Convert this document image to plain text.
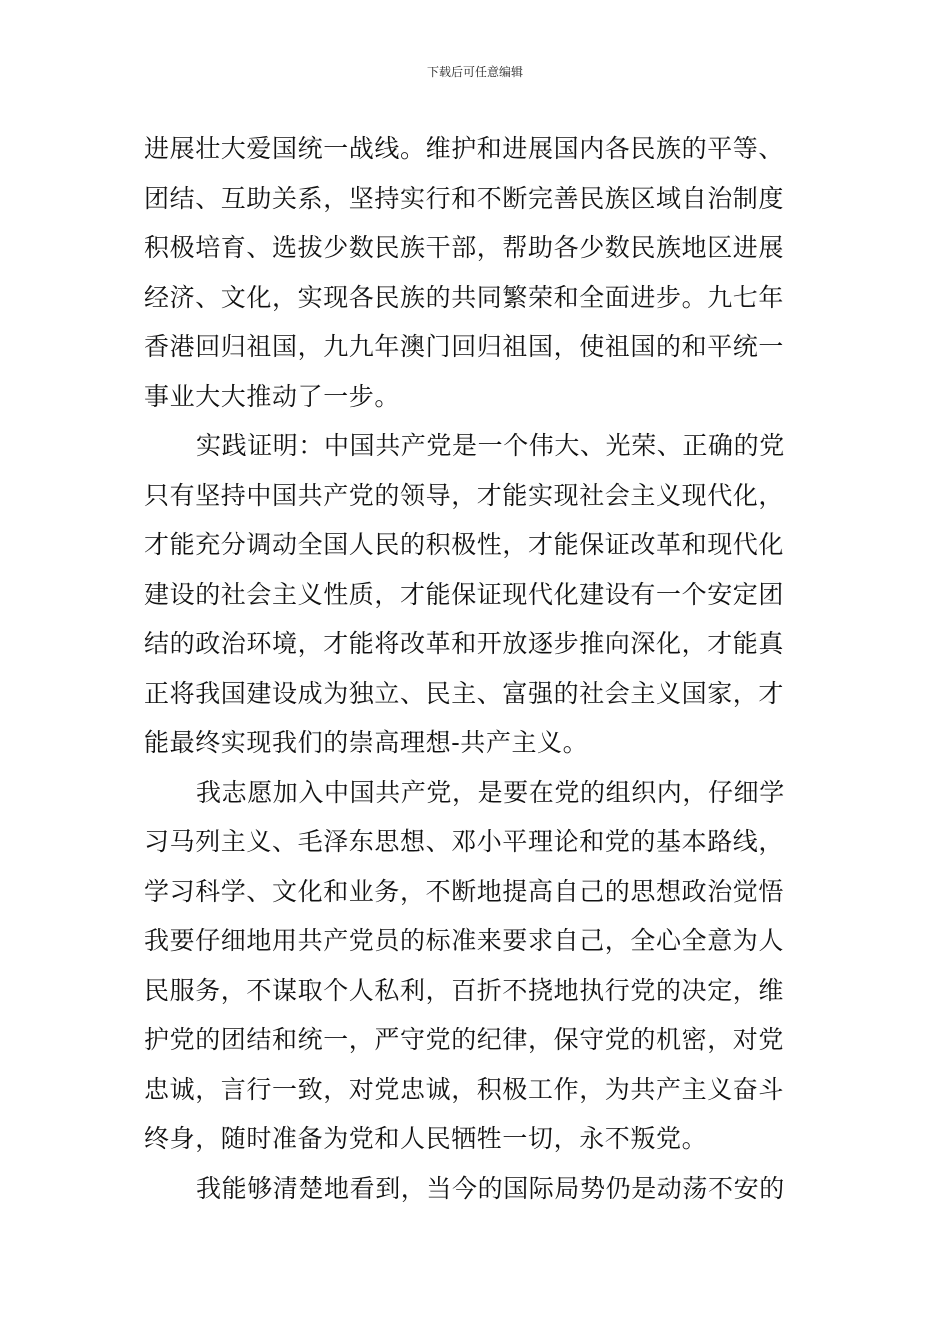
下载后可任意编辑
进展壮大爱国统一战线。维护和进展国内各民族的平等、
团结、互助关系，坚持实行和不断完善民族区域自治制度
积极培育、选拔少数民族干部，帮助各少数民族地区进展
经济、文化，实现各民族的共同繁荣和全面进步。九七年
香港回归祖国，九九年澳门回归祖国，使祖国的和平统一
事业大大推动了一步。
实践证明：中国共产党是一个伟大、光荣、正确的党
只有坚持中国共产党的领导，才能实现社会主义现代化，
才能充分调动全国人民的积极性，才能保证改革和现代化
建设的社会主义性质，才能保证现代化建设有一个安定团
结的政治环境，才能将改革和开放逐步推向深化，才能真
正将我国建设成为独立、民主、富强的社会主义国家，才
能最终实现我们的崇高理想-共产主义。
我志愿加入中国共产党，是要在党的组织内，仔细学
习马列主义、毛泽东思想、邓小平理论和党的基本路线，
学习科学、文化和业务，不断地提高自己的思想政治觉悟
我要仔细地用共产党员的标准来要求自己，全心全意为人
民服务，不谋取个人私利，百折不挠地执行党的决定，维
护党的团结和统一，严守党的纪律，保守党的机密，对党
忠诚，言行一致，对党忠诚，积极工作，为共产主义奋斗
终身，随时准备为党和人民牺牲一切，永不叛党。
我能够清楚地看到，当今的国际局势仍是动荡不安的
